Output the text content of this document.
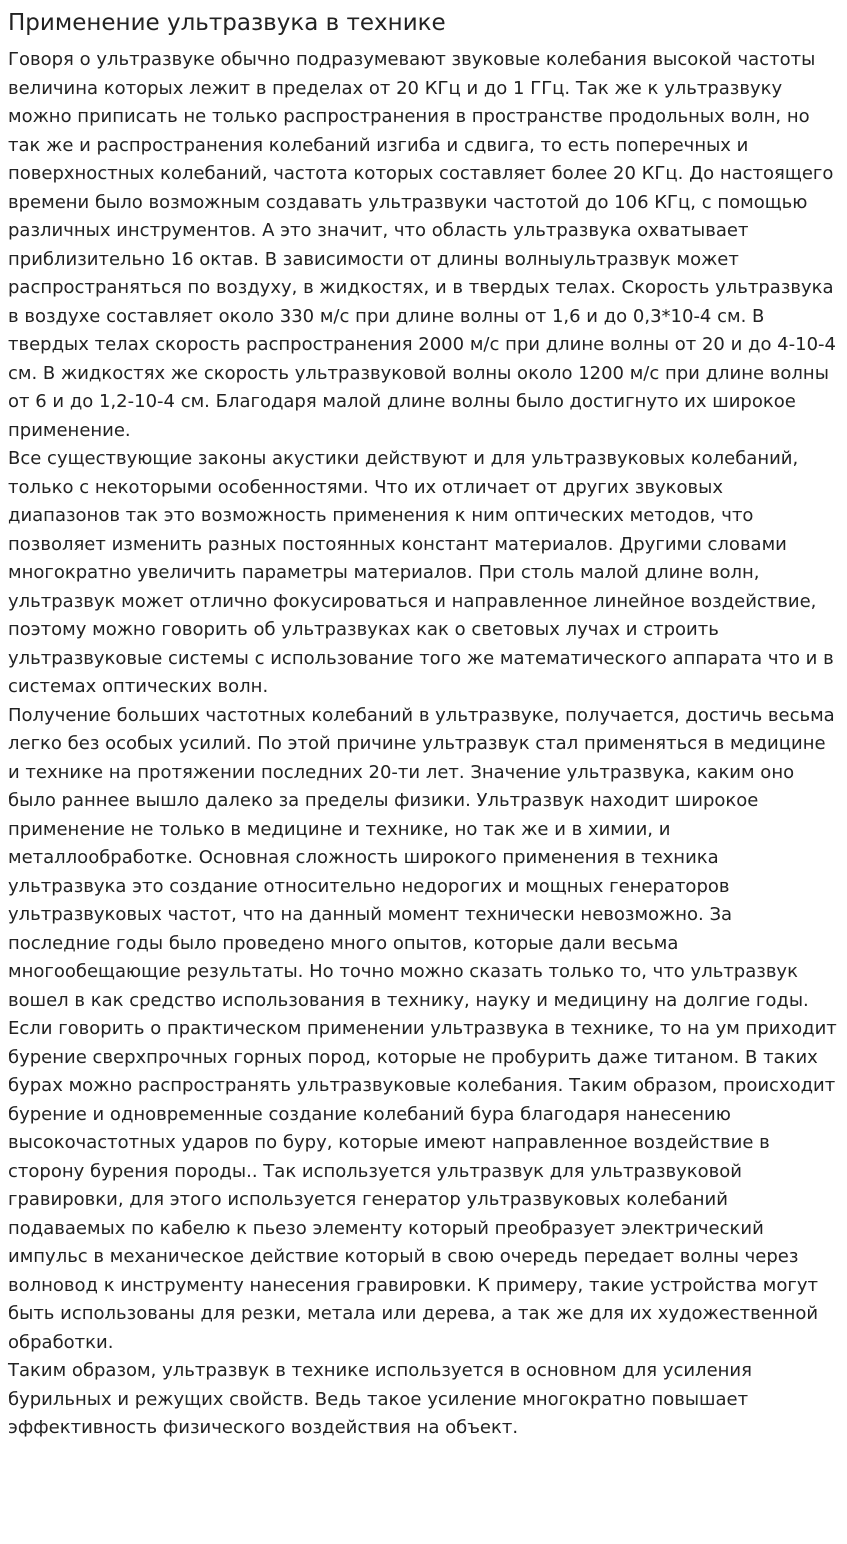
Применение ультразвука в технике

Говоря о ультразвуке обычно подразумевают звуковые колебания высокой частоты величина которых лежит в пределах от 20 КГц и до 1 ГГц. Так же к ультразвуку можно приписать не только распространения в пространстве продольных волн, но так же и распространения колебаний изгиба и сдвига, то есть поперечных и поверхностных колебаний, частота которых составляет более 20 КГц. До настоящего времени было возможным создавать ультразвуки частотой до 106 КГц, с помощью различных инструментов. А это значит, что область ультразвука охватывает приблизительно 16 октав. В зависимости от длины волныультразвук может распространяться по воздуху, в жидкостях, и в твердых телах. Скорость ультразвука в воздухе составляет около 330 м/с при длине волны от 1,6 и до 0,3*10-4 см. В твердых телах скорость распространения 2000 м/с при длине волны от 20 и до 4-10-4 см. В жидкостях же скорость ультразвуковой волны около 1200 м/с при длине волны от 6 и до 1,2-10-4 см. Благодаря малой длине волны было достигнуто их широкое применение.

Все существующие законы акустики действуют и для ультразвуковых колебаний, только с некоторыми особенностями. Что их отличает от других звуковых диапазонов так это возможность применения к ним оптических методов, что позволяет изменить разных постоянных констант материалов. Другими словами многократно увеличить параметры материалов. При столь малой длине волн, ультразвук может отлично фокусироваться и направленное линейное воздействие, поэтому можно говорить об ультразвуках как о световых лучах и строить ультразвуковые системы с использование того же математического аппарата что и в системах оптических волн.

Получение больших частотных колебаний в ультразвуке, получается, достичь весьма легко без особых усилий. По этой причине ультразвук стал применяться в медицине и технике на протяжении последних 20-ти лет. Значение ультразвука, каким оно было раннее вышло далеко за пределы физики. Ультразвук находит широкое применение не только в медицине и технике, но так же и в химии, и металлообработке. Основная сложность широкого применения в техника ультразвука это создание относительно недорогих и мощных генераторов ультразвуковых частот, что на данный момент технически невозможно. За последние годы было проведено много опытов, которые дали весьма многообещающие результаты. Но точно можно сказать только то, что ультразвук вошел в как средство использования в технику, науку и медицину на долгие годы.

Если говорить о практическом применении ультразвука в технике, то на ум приходит бурение сверхпрочных горных пород, которые не пробурить даже титаном. В таких бурах можно распространять ультразвуковые колебания. Таким образом, происходит бурение и одновременные создание колебаний бура благодаря нанесению высокочастотных ударов по буру, которые имеют направленное воздействие в сторону бурения породы.. Так используется ультразвук для ультразвуковой гравировки, для этого используется генератор ультразвуковых колебаний подаваемых по кабелю к пьезо элементу который преобразует электрический импульс в механическое действие который в свою очередь передает волны через волновод к инструменту нанесения гравировки. К примеру, такие устройства могут быть использованы для резки, метала или дерева, а так же для их художественной обработки.

Таким образом, ультразвук в технике используется в основном для усиления бурильных и режущих свойств. Ведь такое усиление многократно повышает эффективность физического воздействия на объект.
